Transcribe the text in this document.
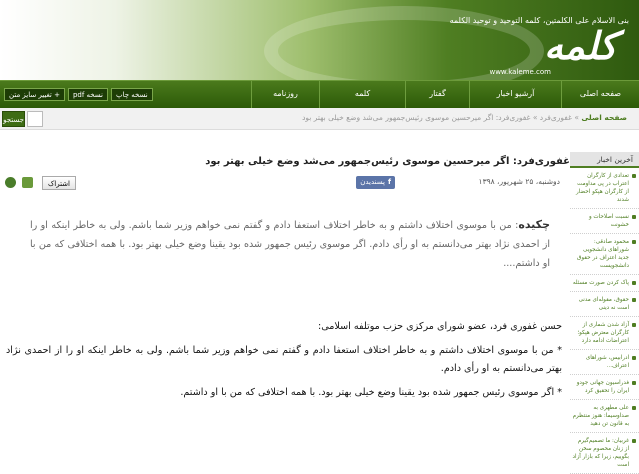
بنی الاسلام علی الکلمتین، کلمه التوحید و توحید الکلمه
کلمه
www.kaleme.com
صفحه اصلی
آرشیو اخبار
گفتار
کلمه
روزنامه
+ تغییر سایز متن	نسخه pdf	نسخه چاپ
جستجو	صفحه اصلی » غفوری‌فرد » غفوری‌فرد: اگر میرحسین موسوی رئیس‌جمهور می‌شد وضع خیلی بهتر بود
غفوری‌فرد: اگر میرحسین موسوی رئیس‌جمهور می‌شد وضع خیلی بهتر بود
دوشنبه، ۲۵ شهریور، ۱۳۹۸
f پسندیدن
اشتراک
چکیده: من با موسوی اختلاف داشتم و به خاطر اختلاف استعفا دادم و گفتم نمی خواهم وزیر شما باشم. ولی به خاطر اینکه او را از احمدی نژاد بهتر می‌دانستم به او رأی دادم. اگر موسوی رئیس جمهور شده بود یقینا وضع خیلی بهتر بود. با همه اختلافی که من با او داشتم....

حسن غفوری فرد، عضو شورای مرکزی حزب موتلفه اسلامی:

* من با موسوی اختلاف داشتم و به خاطر اختلاف استعفا دادم و گفتم نمی خواهم وزیر شما باشم. ولی به خاطر اینکه او را از احمدی نژاد بهتر می‌دانستم به او رأی دادم.

* اگر موسوی رئیس جمهور شده بود یقینا وضع خیلی بهتر بود. با همه اختلافی که من با او داشتم.

آخرین اخبار
تعدادی از کارگران اعتراب در پی مداومت از کارگران هپکو احضار شدند
نسبت اصلاحات و خشونت
محمود صادقی: شوراهای دانشجویی جدید اعتراف در حقوق دانشجویست
پاک کردن صورت مسئله
حقوق، مقوله‌ای مدنی است نه دینی
آزاد شدن شماری از کارگران معترض هپکو؛ اعتراضات ادامه دارد
ادرابیس، شوراهای اعتراف...
فدراسیون جهانی جودو ایران را تحقیق کرد
علی مطهری به صداوسیما: هنوز منتظرم به قانون تن دهید
غربیان: ما تصمیم‌گیرم از زنان محصوم سخن بگوییم، زیرا که بازار آزاد است
